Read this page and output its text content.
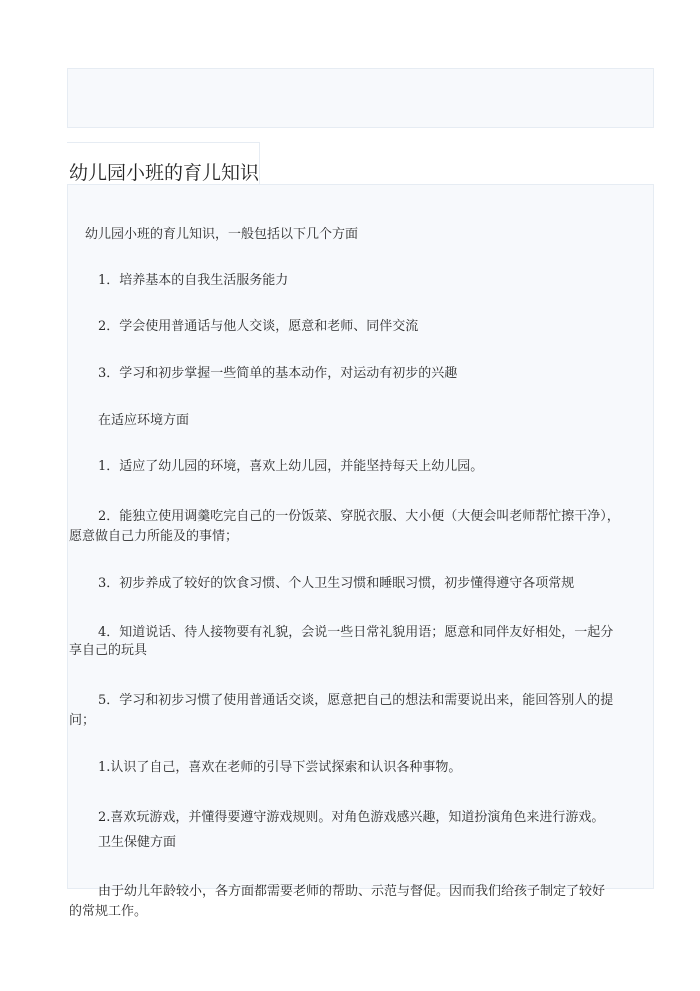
幼儿园小班的育儿知识

幼儿园小班的育儿知识，一般包括以下几个方面

1．培养基本的自我生活服务能力

2．学会使用普通话与他人交谈，愿意和老师、同伴交流

3．学习和初步掌握一些简单的基本动作，对运动有初步的兴趣

在适应环境方面

1．适应了幼儿园的环境，喜欢上幼儿园，并能坚持每天上幼儿园。

2．能独立使用调羹吃完自己的一份饭菜、穿脱衣服、大小便（大便会叫老师帮忙擦干净），

愿意做自己力所能及的事情；

3．初步养成了较好的饮食习惯、个人卫生习惯和睡眠习惯，初步懂得遵守各项常规

4．知道说话、待人接物要有礼貌，会说一些日常礼貌用语；愿意和同伴友好相处，一起分

享自己的玩具

5．学习和初步习惯了使用普通话交谈，愿意把自己的想法和需要说出来，能回答别人的提

问；

1.认识了自己，喜欢在老师的引导下尝试探索和认识各种事物。

2.喜欢玩游戏，并懂得要遵守游戏规则。对角色游戏感兴趣，知道扮演角色来进行游戏。

卫生保健方面

由于幼儿年龄较小，各方面都需要老师的帮助、示范与督促。因而我们给孩子制定了较好

的常规工作。
